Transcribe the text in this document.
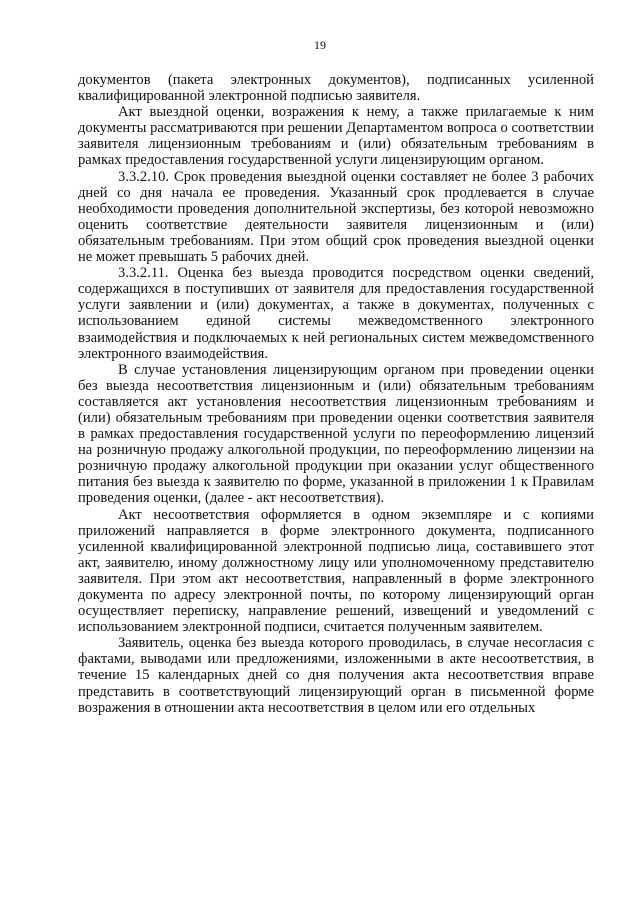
19

документов (пакета электронных документов), подписанных усиленной квалифицированной электронной подписью заявителя.

Акт выездной оценки, возражения к нему, а также прилагаемые к ним документы рассматриваются при решении Департаментом вопроса о соответствии заявителя лицензионным требованиям и (или) обязательным требованиям в рамках предоставления государственной услуги лицензирующим органом.

3.3.2.10. Срок проведения выездной оценки составляет не более 3 рабочих дней со дня начала ее проведения. Указанный срок продлевается в случае необходимости проведения дополнительной экспертизы, без которой невозможно оценить соответствие деятельности заявителя лицензионным и (или) обязательным требованиям. При этом общий срок проведения выездной оценки не может превышать 5 рабочих дней.

3.3.2.11. Оценка без выезда проводится посредством оценки сведений, содержащихся в поступивших от заявителя для предоставления государственной услуги заявлении и (или) документах, а также в документах, полученных с использованием единой системы межведомственного электронного взаимодействия и подключаемых к ней региональных систем межведомственного электронного взаимодействия.

В случае установления лицензирующим органом при проведении оценки без выезда несоответствия лицензионным и (или) обязательным требованиям составляется акт установления несоответствия лицензионным требованиям и (или) обязательным требованиям при проведении оценки соответствия заявителя в рамках предоставления государственной услуги по переоформлению лицензий на розничную продажу алкогольной продукции, по переоформлению лицензии на розничную продажу алкогольной продукции при оказании услуг общественного питания без выезда к заявителю по форме, указанной в приложении 1 к Правилам проведения оценки, (далее - акт несоответствия).

Акт несоответствия оформляется в одном экземпляре и с копиями приложений направляется в форме электронного документа, подписанного усиленной квалифицированной электронной подписью лица, составившего этот акт, заявителю, иному должностному лицу или уполномоченному представителю заявителя. При этом акт несоответствия, направленный в форме электронного документа по адресу электронной почты, по которому лицензирующий орган осуществляет переписку, направление решений, извещений и уведомлений с использованием электронной подписи, считается полученным заявителем.

Заявитель, оценка без выезда которого проводилась, в случае несогласия с фактами, выводами или предложениями, изложенными в акте несоответствия, в течение 15 календарных дней со дня получения акта несоответствия вправе представить в соответствующий лицензирующий орган в письменной форме возражения в отношении акта несоответствия в целом или его отдельных
